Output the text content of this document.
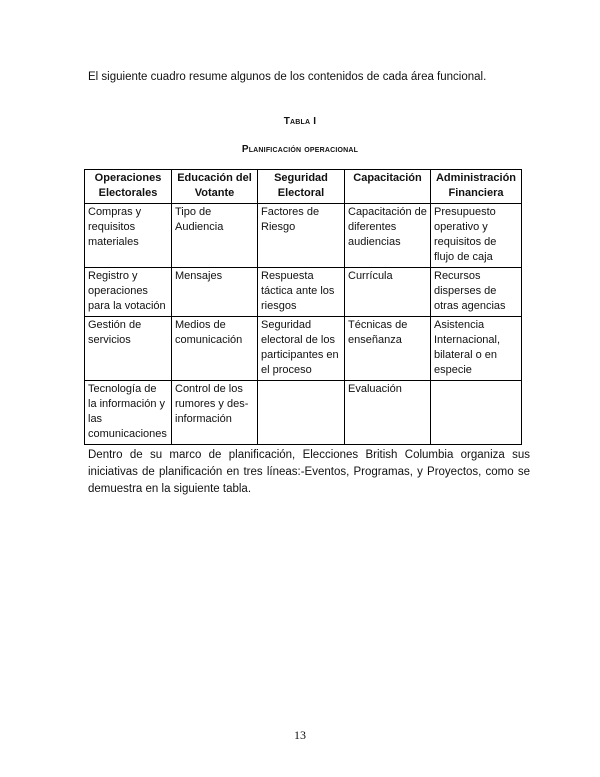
El siguiente cuadro resume algunos de los contenidos de cada área funcional.

Tabla I

Planificación operacional

Operaciones Electorales	Educación del Votante	Seguridad Electoral	Capacitación	Administración Financiera
Compras y requisitos materiales	Tipo de Audiencia	Factores de Riesgo	Capacitación de diferentes audiencias	Presupuesto operativo y requisitos de flujo de caja
Registro y operaciones para la votación	Mensajes	Respuesta táctica ante los riesgos	Currícula	Recursos disperses de otras agencias
Gestión de servicios	Medios de comunicación	Seguridad electoral de los participantes en el proceso	Técnicas de enseñanza	Asistencia Internacional, bilateral o en especie
Tecnología de la información y las comunicaciones	Control de los rumores y des-información		Evaluación	

Dentro de su marco de planificación, Elecciones British Columbia organiza sus iniciativas de planificación en tres líneas:-Eventos, Programas, y Proyectos, como se demuestra en la siguiente tabla.

13
